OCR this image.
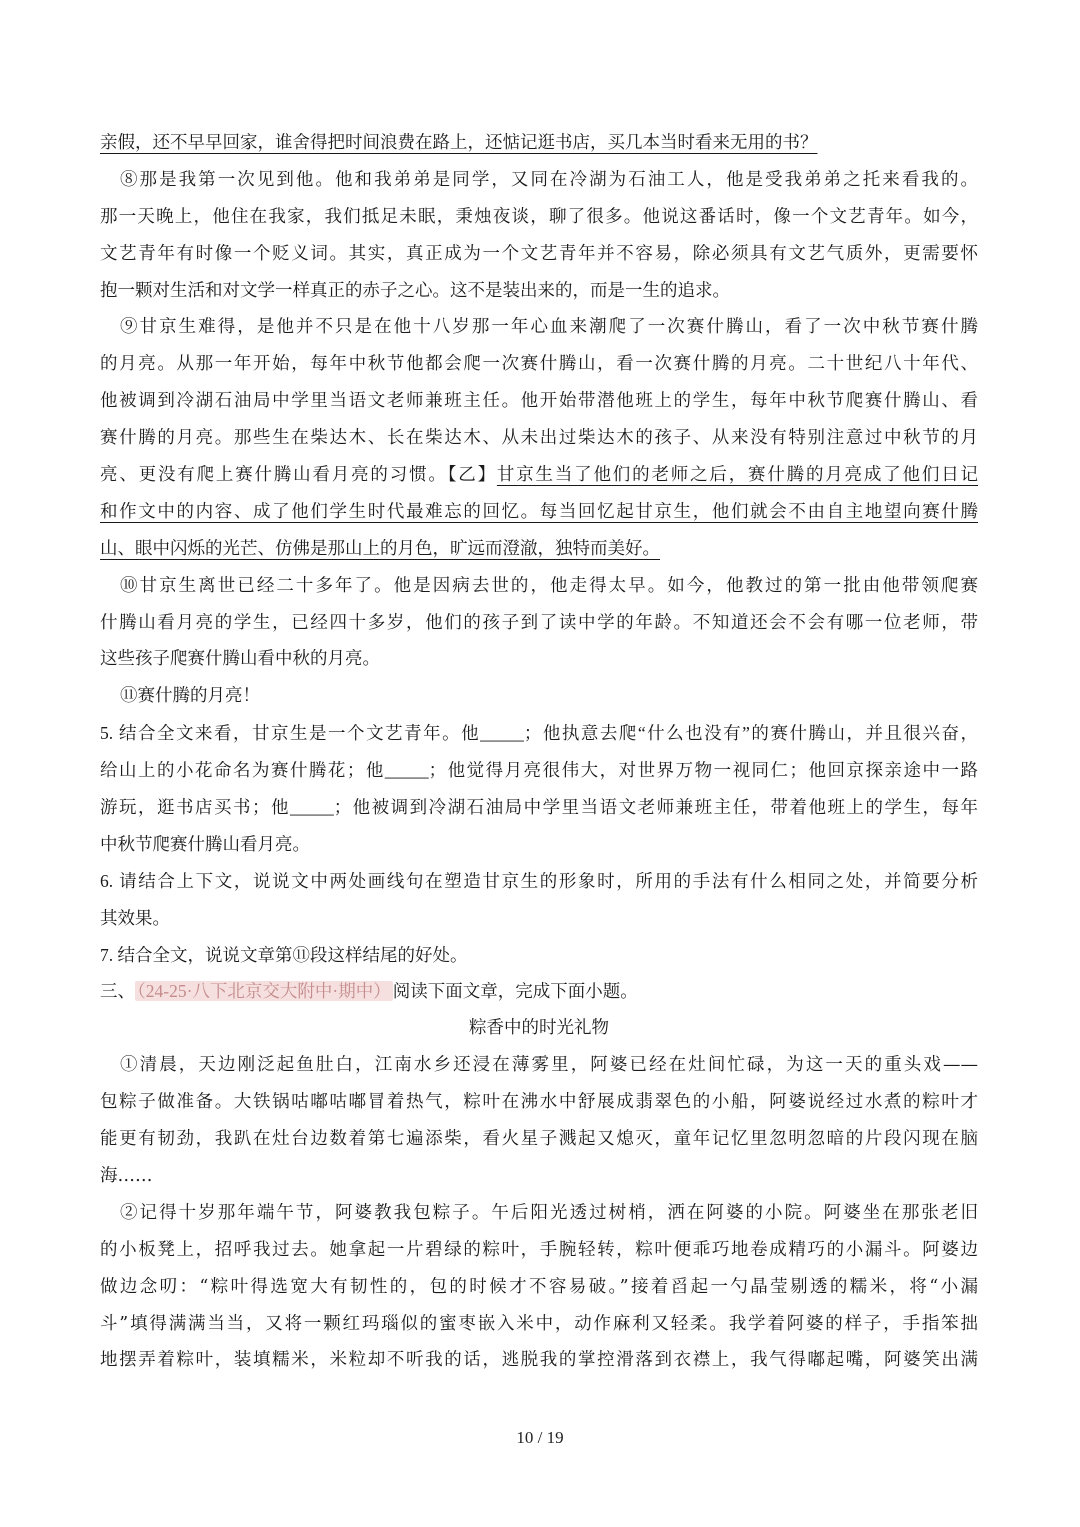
亲假，还不早早回家，谁舍得把时间浪费在路上，还惦记逛书店，买几本当时看来无用的书？
⑧那是我第一次见到他。他和我弟弟是同学，又同在冷湖为石油工人，他是受我弟弟之托来看我的。
那一天晚上，他住在我家，我们抵足未眠，秉烛夜谈，聊了很多。他说这番话时，像一个文艺青年。如今，
文艺青年有时像一个贬义词。其实，真正成为一个文艺青年并不容易，除必须具有文艺气质外，更需要怀
抱一颗对生活和对文学一样真正的赤子之心。这不是装出来的，而是一生的追求。
⑨甘京生难得，是他并不只是在他十八岁那一年心血来潮爬了一次赛什腾山，看了一次中秋节赛什腾
的月亮。从那一年开始，每年中秋节他都会爬一次赛什腾山，看一次赛什腾的月亮。二十世纪八十年代、
他被调到冷湖石油局中学里当语文老师兼班主任。他开始带潜他班上的学生，每年中秋节爬赛什腾山、看
赛什腾的月亮。那些生在柴达木、长在柴达木、从未出过柴达木的孩子、从来没有特别注意过中秋节的月
亮、更没有爬上赛什腾山看月亮的习惯。【乙】甘京生当了他们的老师之后，赛什腾的月亮成了他们日记
和作文中的内容、成了他们学生时代最难忘的回忆。每当回忆起甘京生，他们就会不由自主地望向赛什腾
山、眼中闪烁的光芒、仿佛是那山上的月色，旷远而澄澈，独特而美好。
⑩甘京生离世已经二十多年了。他是因病去世的，他走得太早。如今，他教过的第一批由他带领爬赛
什腾山看月亮的学生，已经四十多岁，他们的孩子到了读中学的年龄。不知道还会不会有哪一位老师，带
这些孩子爬赛什腾山看中秋的月亮。
⑪赛什腾的月亮！
5. 结合全文来看，甘京生是一个文艺青年。他_____；他执意去爬“什么也没有”的赛什腾山，并且很兴奋，
给山上的小花命名为赛什腾花；他_____；他觉得月亮很伟大，对世界万物一视同仁；他回京探亲途中一路
游玩，逛书店买书；他_____；他被调到冷湖石油局中学里当语文老师兼班主任，带着他班上的学生，每年
中秋节爬赛什腾山看月亮。
6. 请结合上下文，说说文中两处画线句在塑造甘京生的形象时，所用的手法有什么相同之处，并简要分析
其效果。
7. 结合全文，说说文章第⑪段这样结尾的好处。
三、 （24-25·八下北京交大附中·期中） 阅读下面文章，完成下面小题。
粽香中的时光礼物
①清晨，天边刚泛起鱼肚白，江南水乡还浸在薄雾里，阿婆已经在灶间忙碌，为这一天的重头戏——
包粽子做准备。大铁锅咕嘟咕嘟冒着热气，粽叶在沸水中舒展成翡翠色的小船，阿婆说经过水煮的粽叶才
能更有韧劲，我趴在灶台边数着第七遍添柴，看火星子溅起又熄灭，童年记忆里忽明忽暗的片段闪现在脑
海……
②记得十岁那年端午节，阿婆教我包粽子。午后阳光透过树梢，洒在阿婆的小院。阿婆坐在那张老旧
的小板凳上，招呼我过去。她拿起一片碧绿的粽叶，手腕轻转，粽叶便乖巧地卷成精巧的小漏斗。阿婆边
做边念叨：“粽叶得选宽大有韧性的，包的时候才不容易破。”接着舀起一勺晶莹剔透的糯米，将“小漏
斗”填得满满当当，又将一颗红玛瑙似的蜜枣嵌入米中，动作麻利又轻柔。我学着阿婆的样子，手指笨拙
地摆弄着粽叶，装填糯米，米粒却不听我的话，逃脱我的掌控滑落到衣襟上，我气得嘟起嘴，阿婆笑出满
10 / 19
